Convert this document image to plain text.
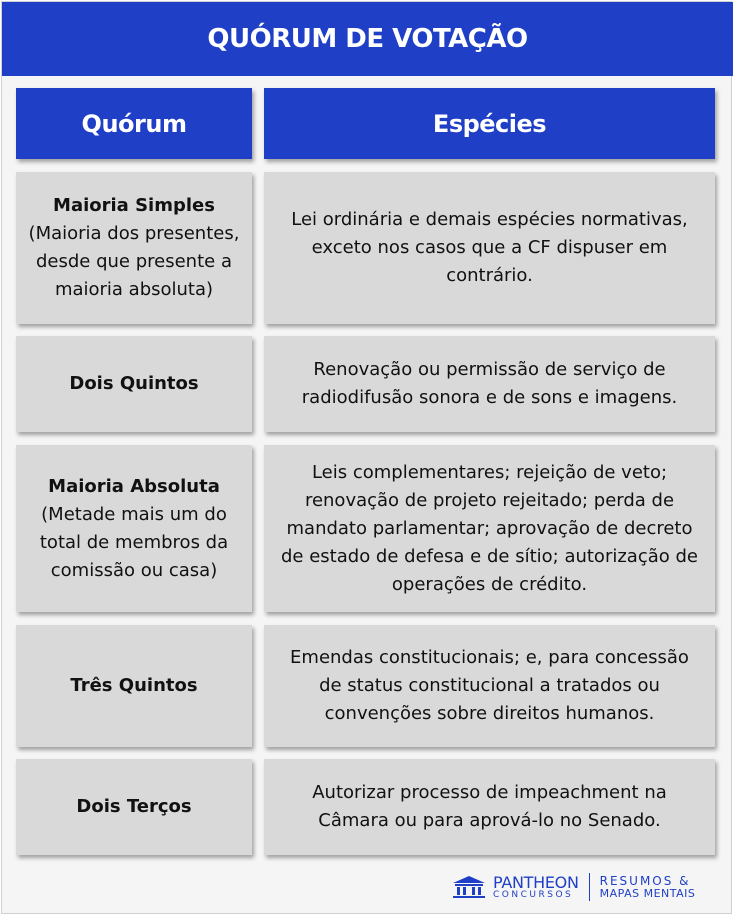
QUÓRUM DE VOTAÇÃO
Quórum	Espécies
Maioria Simples
(Maioria dos presentes, desde que presente a maioria absoluta)
Lei ordinária e demais espécies normativas, exceto nos casos que a CF dispuser em contrário.
Dois Quintos
Renovação ou permissão de serviço de radiodifusão sonora e de sons e imagens.
Maioria Absoluta
(Metade mais um do total de membros da comissão ou casa)
Leis complementares; rejeição de veto; renovação de projeto rejeitado; perda de mandato parlamentar; aprovação de decreto de estado de defesa e de sítio; autorização de operações de crédito.
Três Quintos
Emendas constitucionais; e, para concessão de status constitucional a tratados ou convenções sobre direitos humanos.
Dois Terços
Autorizar processo de impeachment na Câmara ou para aprová-lo no Senado.
PANTHEON
CONCURSOS
RESUMOS &
MAPAS MENTAIS
